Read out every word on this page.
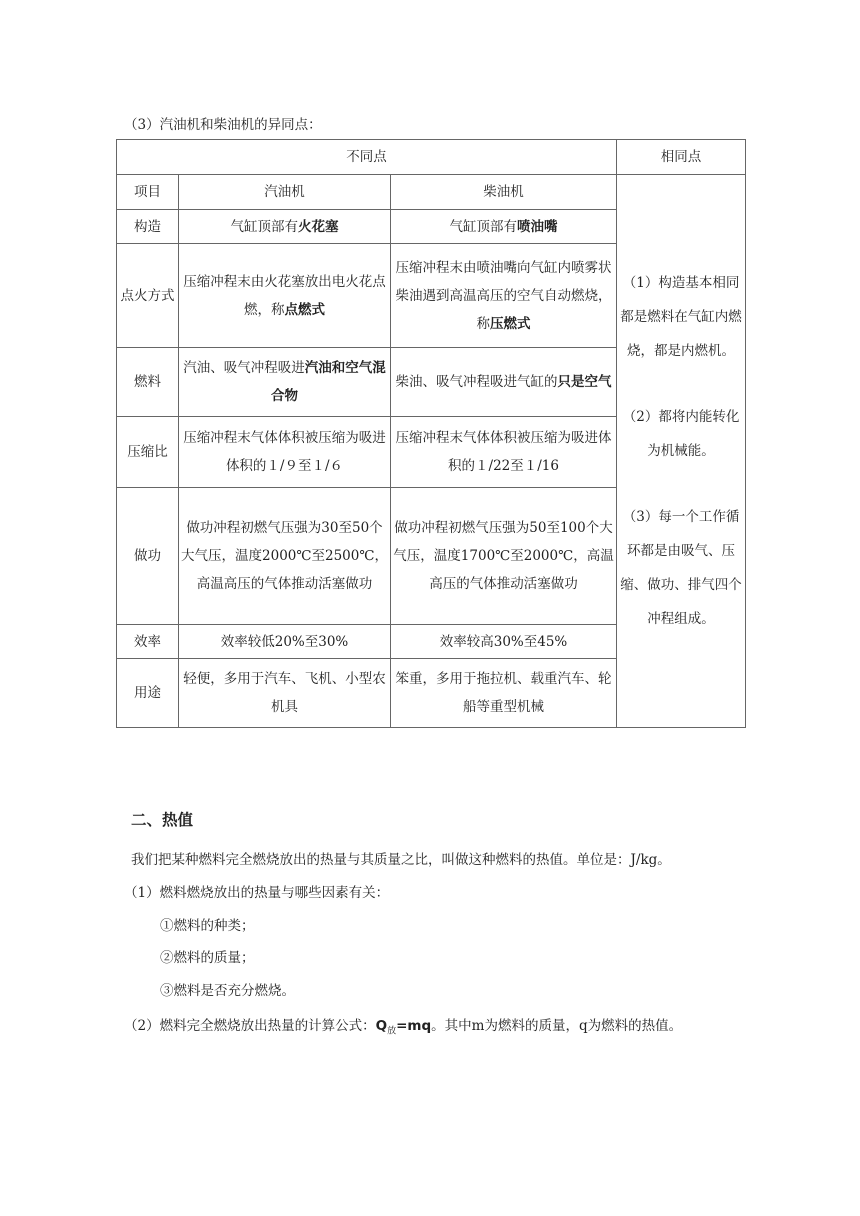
（3）汽油机和柴油机的异同点：
不同点			相同点
项目	汽油机	柴油机	（1）构造基本相同都是燃料在气缸内燃烧，都是内燃机。
（2）都将内能转化为机械能。
（3）每一个工作循环都是由吸气、压缩、做功、排气四个冲程组成。

构造	气缸顶部有火花塞	气缸顶部有喷油嘴	
点火方式	压缩冲程末由火花塞放出电火花点燃，称点燃式	压缩冲程末由喷油嘴向气缸内喷雾状柴油遇到高温高压的空气自动燃烧，称压燃式	
燃料	汽油、吸气冲程吸进汽油和空气混合物	柴油、吸气冲程吸进气缸的只是空气	
压缩比	压缩冲程末气体体积被压缩为吸进体积的１/９至１/６	压缩冲程末气体体积被压缩为吸进体积的１/22至１/16	
做功	做功冲程初燃气压强为30至50个大气压，温度2000℃至2500℃，高温高压的气体推动活塞做功	做功冲程初燃气压强为50至100个大气压，温度1700℃至2000℃，高温高压的气体推动活塞做功	
效率	效率较低20%至30%	效率较高30%至45%	
用途	轻便，多用于汽车、飞机、小型农机具	笨重，多用于拖拉机、载重汽车、轮船等重型机械	
二、热值
我们把某种燃料完全燃烧放出的热量与其质量之比，叫做这种燃料的热值。单位是：J/kg。
（1）燃料燃烧放出的热量与哪些因素有关：
①燃料的种类；
②燃料的质量；
③燃料是否充分燃烧。
（2）燃料完全燃烧放出热量的计算公式：$Q_放=mq$。其中m为燃料的质量，q为燃料的热值。
